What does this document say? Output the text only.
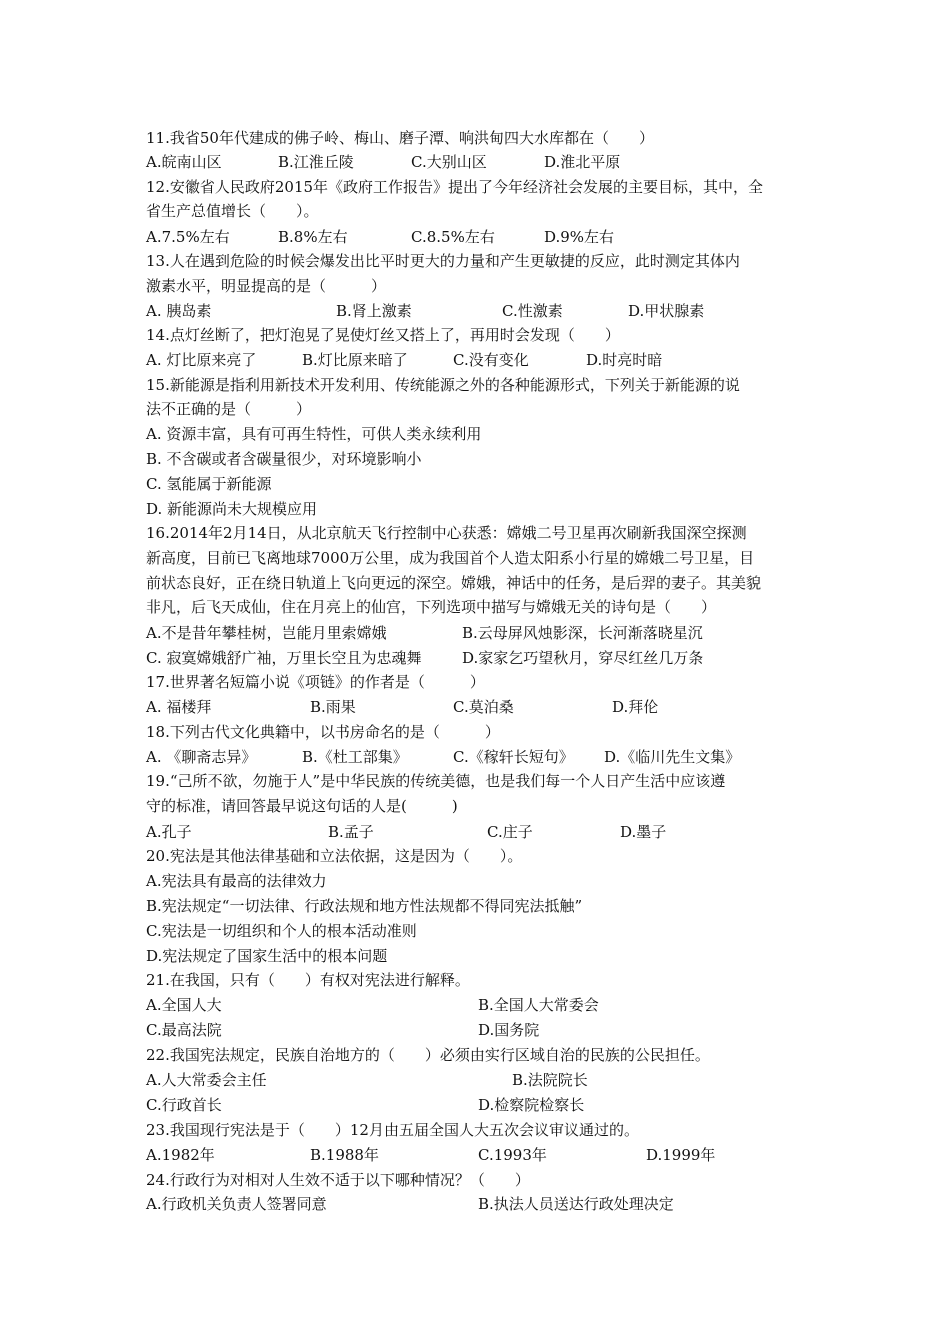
11.我省50年代建成的佛子岭、梅山、磨子潭、响洪甸四大水库都在（　　）
A.皖南山区	B.江淮丘陵	C.大别山区	D.淮北平原
12.安徽省人民政府2015年《政府工作报告》提出了今年经济社会发展的主要目标，其中，全
省生产总值增长（　　）。
A.7.5%左右	B.8%左右	C.8.5%左右	D.9%左右
13.人在遇到危险的时候会爆发出比平时更大的力量和产生更敏捷的反应，此时测定其体内
激素水平，明显提高的是（　　　）
A. 胰岛素	B.肾上激素	C.性激素	D.甲状腺素
14.点灯丝断了，把灯泡晃了晃使灯丝又搭上了，再用时会发现（　　）
A. 灯比原来亮了	B.灯比原来暗了	C.没有变化	D.时亮时暗
15.新能源是指利用新技术开发利用、传统能源之外的各种能源形式，下列关于新能源的说
法不正确的是（　　　）
A. 资源丰富，具有可再生特性，可供人类永续利用
B. 不含碳或者含碳量很少，对环境影响小
C. 氢能属于新能源
D. 新能源尚未大规模应用
16.2014年2月14日，从北京航天飞行控制中心获悉：嫦娥二号卫星再次刷新我国深空探测
新高度，目前已飞离地球7000万公里，成为我国首个人造太阳系小行星的嫦娥二号卫星，目
前状态良好，正在绕日轨道上飞向更远的深空。嫦娥，神话中的任务，是后羿的妻子。其美貌
非凡，后飞天成仙，住在月亮上的仙宫，下列选项中描写与嫦娥无关的诗句是（　　）
A.不是昔年攀桂树，岂能月里索嫦娥	B.云母屏风烛影深，长河渐落晓星沉
C. 寂寞嫦娥舒广袖，万里长空且为忠魂舞	D.家家乞巧望秋月，穿尽红丝几万条
17.世界著名短篇小说《项链》的作者是（　　　）
A. 福楼拜	B.雨果	C.莫泊桑	D.拜伦
18.下列古代文化典籍中，以书房命名的是（　　　）
A. 《聊斋志异》	B.《杜工部集》	C.《稼轩长短句》 D.《临川先生文集》
19.“己所不欲，勿施于人”是中华民族的传统美德，也是我们每一个人日产生活中应该遵
守的标准，请回答最早说这句话的人是(　　　)
A.孔子	B.孟子	C.庄子	D.墨子
20.宪法是其他法律基础和立法依据，这是因为（　　）。
A.宪法具有最高的法律效力
B.宪法规定“一切法律、行政法规和地方性法规都不得同宪法抵触”
C.宪法是一切组织和个人的根本活动准则
D.宪法规定了国家生活中的根本问题
21.在我国，只有（　　）有权对宪法进行解释。
A.全国人大	B.全国人大常委会
C.最高法院	D.国务院
22.我国宪法规定，民族自治地方的（　　）必须由实行区域自治的民族的公民担任。
A.人大常委会主任	B.法院院长
C.行政首长	D.检察院检察长
23.我国现行宪法是于（　　）12月由五届全国人大五次会议审议通过的。
A.1982年	B.1988年	C.1993年	D.1999年
24.行政行为对相对人生效不适于以下哪种情况？（　　）
A.行政机关负责人签署同意	B.执法人员送达行政处理决定
